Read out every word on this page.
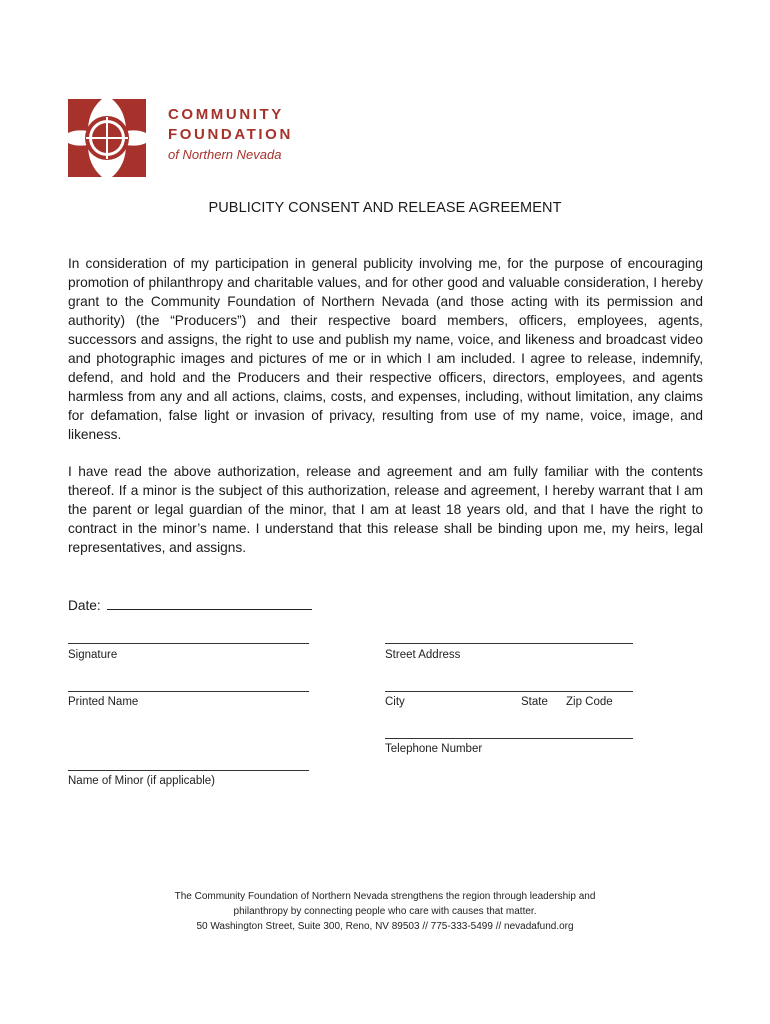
COMMUNITY
FOUNDATION
of Northern Nevada
PUBLICITY CONSENT AND RELEASE AGREEMENT
In consideration of my participation in general publicity involving me, for the purpose of encouraging promotion of philanthropy and charitable values, and for other good and valuable consideration, I hereby grant to the Community Foundation of Northern Nevada (and those acting with its permission and authority) (the “Producers”) and their respective board members, officers, employees, agents, successors and assigns, the right to use and publish my name, voice, and likeness and broadcast video and photographic images and pictures of me or in which I am included. I agree to release, indemnify, defend, and hold and the Producers and their respective officers, directors, employees, and agents harmless from any and all actions, claims, costs, and expenses, including, without limitation, any claims for defamation, false light or invasion of privacy, resulting from use of my name, voice, image, and likeness.
I have read the above authorization, release and agreement and am fully familiar with the contents thereof. If a minor is the subject of this authorization, release and agreement, I hereby warrant that I am the parent or legal guardian of the minor, that I am at least 18 years old, and that I have the right to contract in the minor’s name. I understand that this release shall be binding upon me, my heirs, legal representatives, and assigns.
Date:
Signature	Street Address
Printed Name	City	State Zip Code
Telephone Number
Name of Minor (if applicable)
The Community Foundation of Northern Nevada strengthens the region through leadership and
philanthropy by connecting people who care with causes that matter.
50 Washington Street, Suite 300, Reno, NV 89503 // 775-333-5499 // nevadafund.org
